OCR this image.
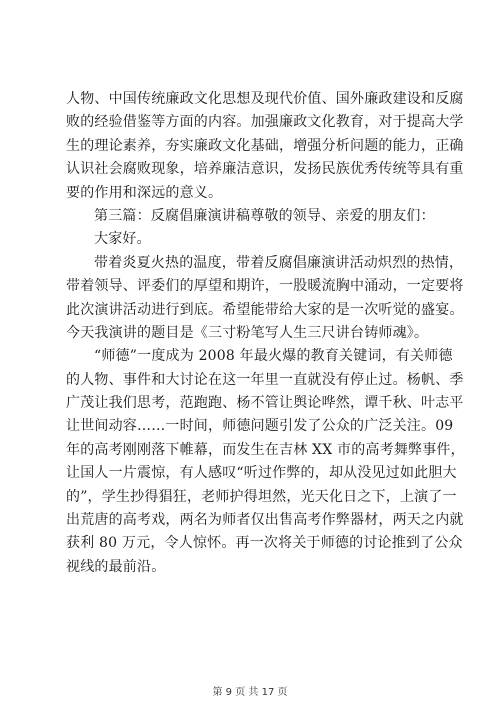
人物、中国传统廉政文化思想及现代价值、国外廉政建设和反腐
败的经验借鉴等方面的内容。加强廉政文化教育，对于提高大学
生的理论素养，夯实廉政文化基础，增强分析问题的能力，正确
认识社会腐败现象，培养廉洁意识，发扬民族优秀传统等具有重
要的作用和深远的意义。
第三篇：反腐倡廉演讲稿尊敬的领导、亲爱的朋友们：
大家好。
带着炎夏火热的温度，带着反腐倡廉演讲活动炽烈的热情，
带着领导、评委们的厚望和期许，一股暖流胸中涌动，一定要将
此次演讲活动进行到底。希望能带给大家的是一次听觉的盛宴。
今天我演讲的题目是《三寸粉笔写人生三尺讲台铸师魂》。
“师德”一度成为 2008 年最火爆的教育关键词，有关师德
的人物、事件和大讨论在这一年里一直就没有停止过。杨帆、季
广茂让我们思考，范跑跑、杨不管让舆论哗然，谭千秋、叶志平
让世间动容……一时间，师德问题引发了公众的广泛关注。09
年的高考刚刚落下帷幕，而发生在吉林 XX 市的高考舞弊事件，
让国人一片震惊，有人感叹“听过作弊的，却从没见过如此胆大
的”，学生抄得猖狂，老师护得坦然，光天化日之下，上演了一
出荒唐的高考戏，两名为师者仅出售高考作弊器材，两天之内就
获利 80 万元，令人惊怀。再一次将关于师德的讨论推到了公众
视线的最前沿。
第 9 页 共 17 页
